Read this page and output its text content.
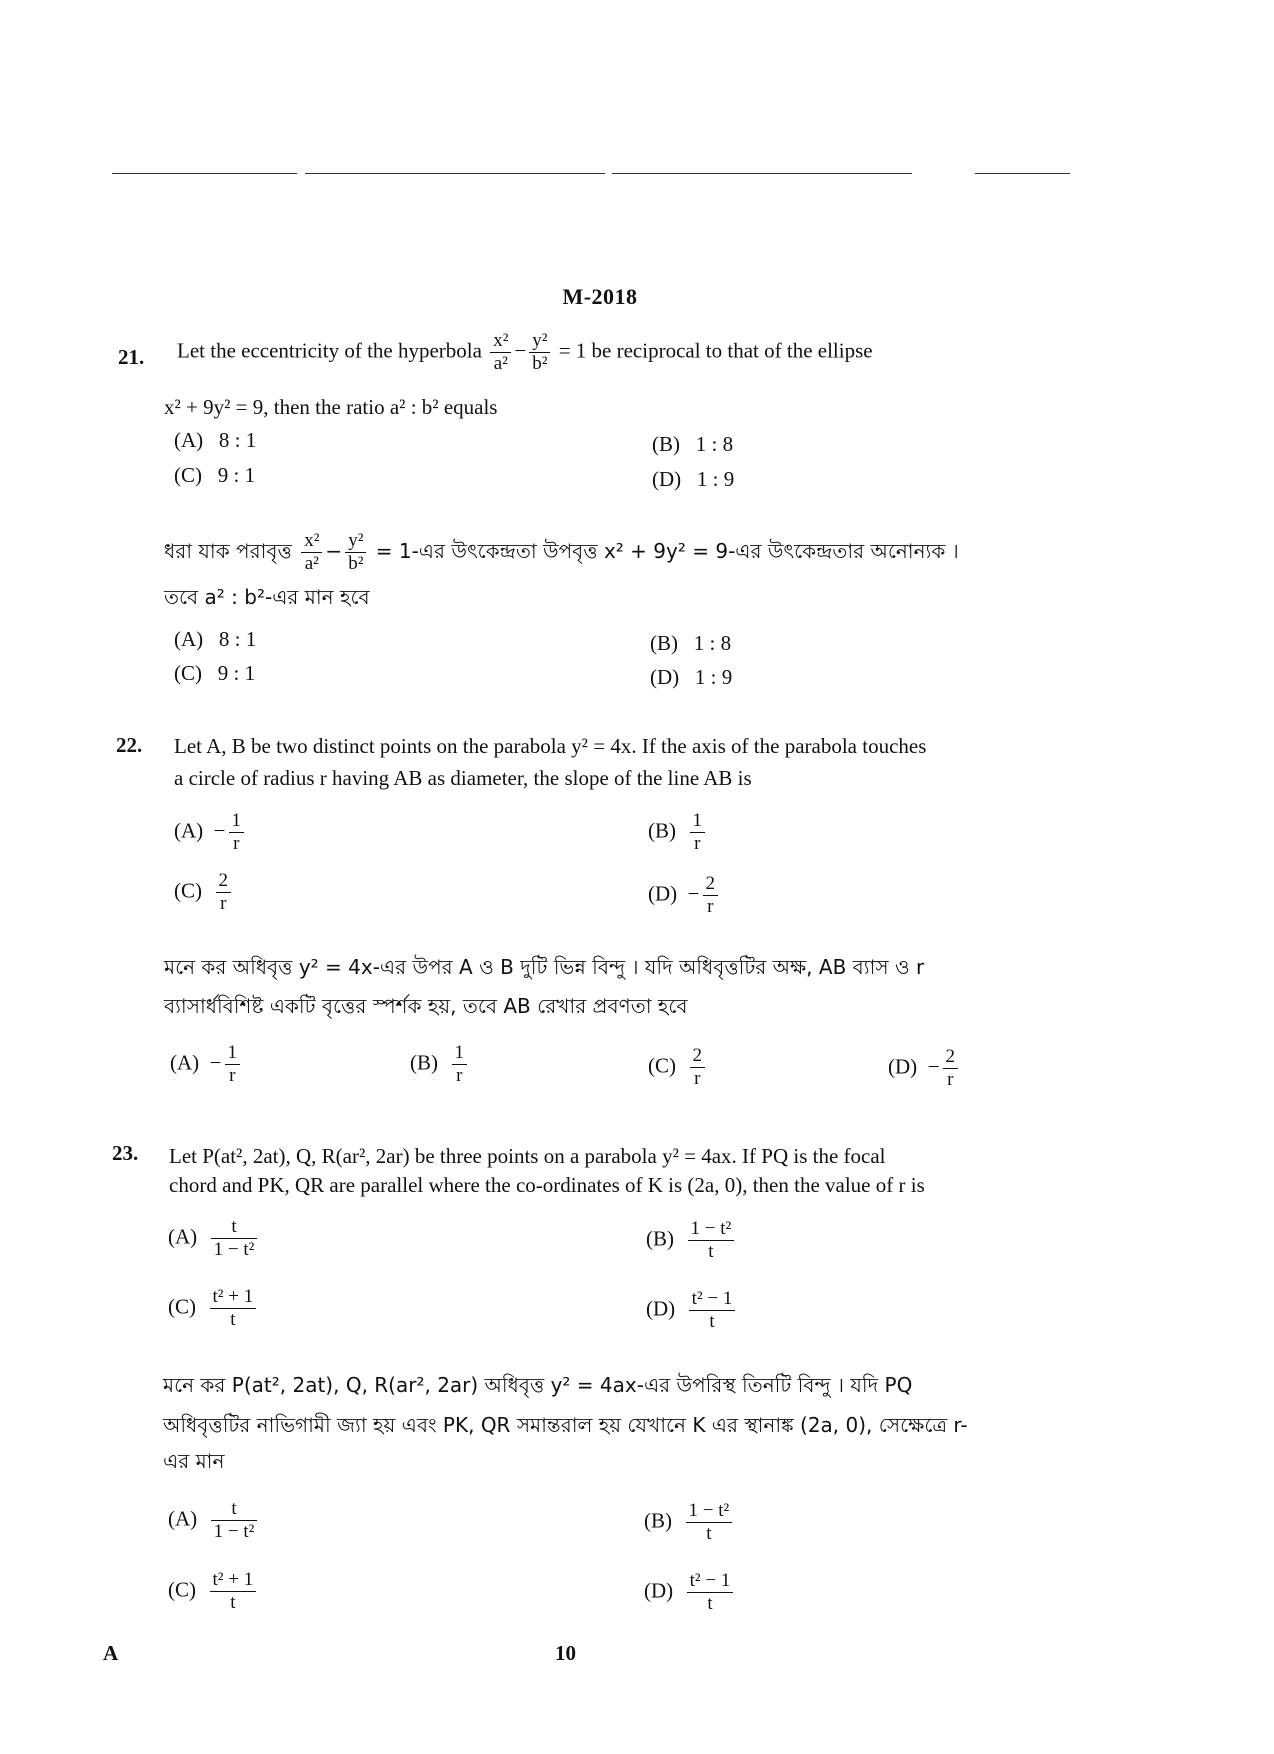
M-2018
21. Let the eccentricity of the hyperbola $\frac{\text{x²}}{\text{a²}} - \frac{\text{y²}}{\text{b²}} = 1$ be reciprocal to that of the ellipse
x² + 9y² = 9, then the ratio a² : b² equals
(A) 8 : 1	(B) 1 : 8
(C) 9 : 1	(D) 1 : 9
ধরা যাক পরাবৃত্ত $\frac{\text{x²}}{\text{a²}} - \frac{\text{y²}}{\text{b²}}$ = 1-এর উৎকেন্দ্রতা উপবৃত্ত x² + 9y² = 9-এর উৎকেন্দ্রতার অনোন্যক ।
তবে a² : b²-এর মান হবে
(A) 8 : 1	(B) 1 : 8
(C) 9 : 1	(D) 1 : 9
22. Let A, B be two distinct points on the parabola y² = 4x. If the axis of the parabola touches
a circle of radius r having AB as diameter, the slope of the line AB is
$(A) - \frac{1}{r}$	$(B) \frac{1}{r}$
$(C) \frac{2}{r}$	$(D) - \frac{2}{r}$
মনে কর অধিবৃত্ত y² = 4x-এর উপর A ও B দুটি ভিন্ন বিন্দু । যদি অধিবৃত্তটির অক্ষ, AB ব্যাস ও r
ব্যাসার্ধবিশিষ্ট একটি বৃত্তের স্পর্শক হয়, তবে AB রেখার প্রবণতা হবে
$(A) - \frac{1}{r}$	$(B) \frac{1}{r}$	$(C) \frac{2}{r}$	$(D) - \frac{2}{r}$
23. Let P(at², 2at), Q, R(ar², 2ar) be three points on a parabola y² = 4ax. If PQ is the focal
chord and PK, QR are parallel where the co-ordinates of K is (2a, 0), then the value of r is
$(A) \frac{t}{\text{1 − t²}}$	$(B) \frac{\text{1 − t²}}{t}$
$(C) \frac{\text{t² + 1}}{t}$	$(D) \frac{\text{t² − 1}}{t}$
মনে কর P(at², 2at), Q, R(ar², 2ar) অধিবৃত্ত y² = 4ax-এর উপরিস্থ তিনটি বিন্দু । যদি PQ
অধিবৃত্তটির নাভিগামী জ্যা হয় এবং PK, QR সমান্তরাল হয় যেখানে K এর স্থানাঙ্ক (2a, 0), সেক্ষেত্রে r-
এর মান
$(A) \frac{t}{\text{1 − t²}}$	$(B) \frac{\text{1 − t²}}{t}$
$(C) \frac{\text{t² + 1}}{t}$	$(D) \frac{\text{t² − 1}}{t}$
A	10
